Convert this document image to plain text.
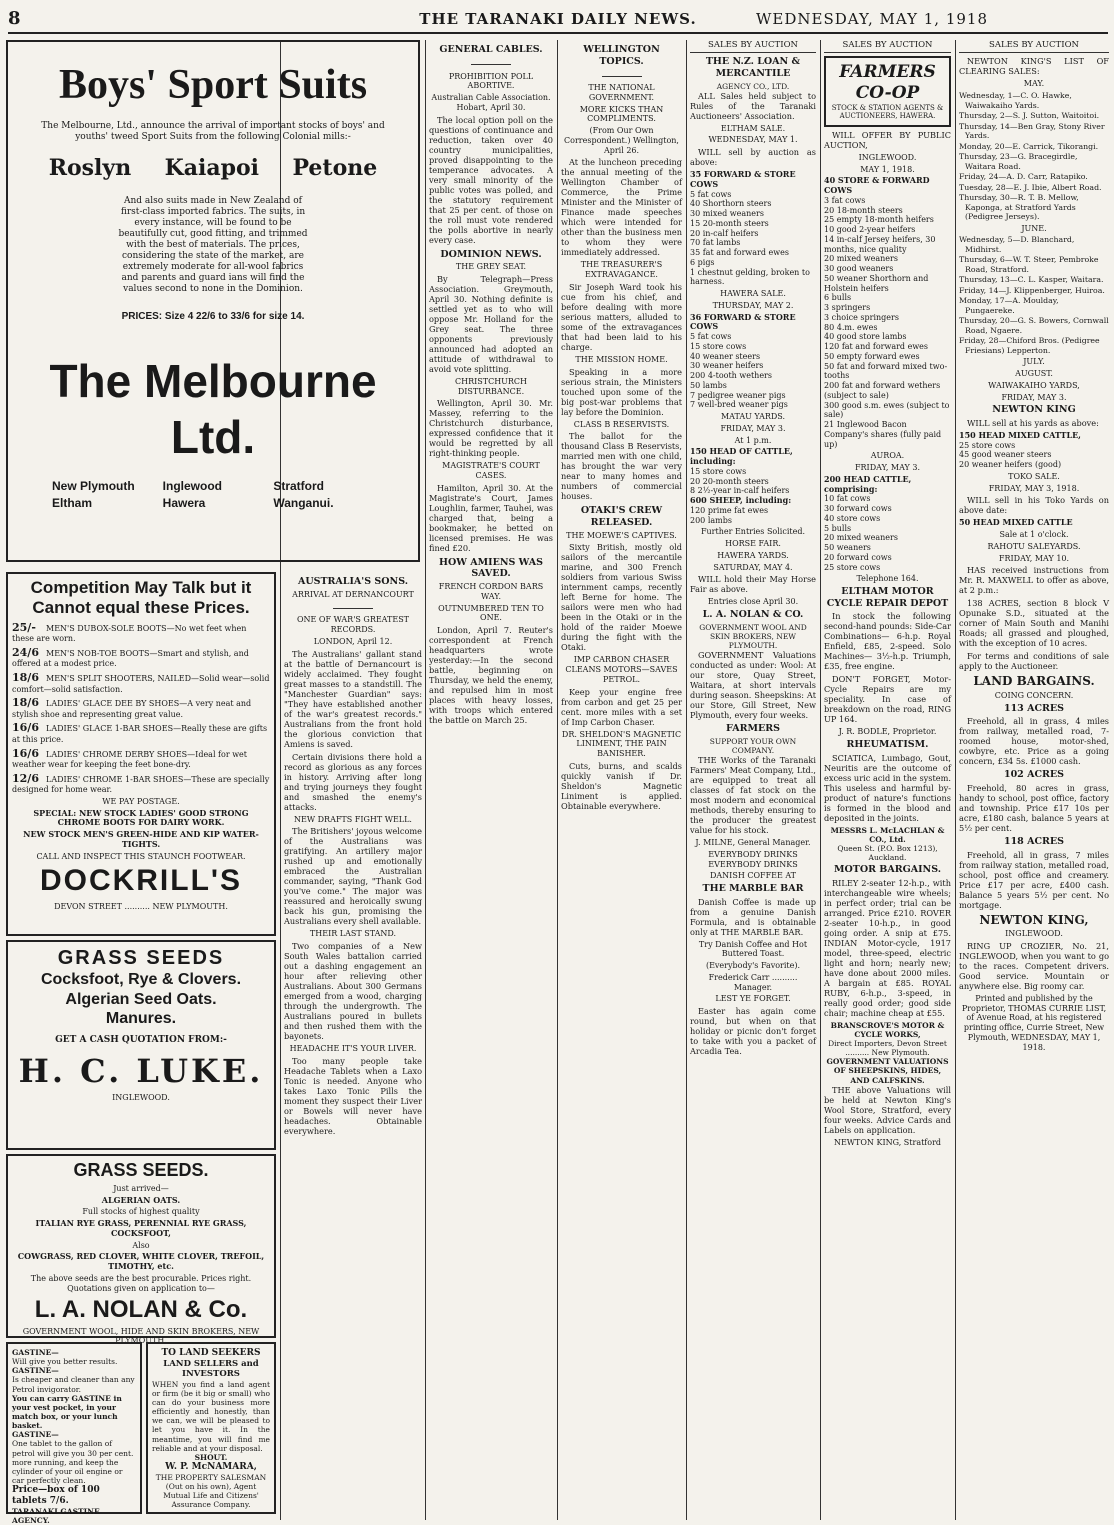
8	THE TARANAKI DAILY NEWS.	WEDNESDAY, MAY 1, 1918
Boys' Sport Suits
The Melbourne, Ltd., announce the arrival of important stocks of boys' and youths' tweed Sport Suits from the following Colonial mills:-
Roslyn Kaiapoi Petone
And also suits made in New Zealand of first-class imported fabrics. The suits, in every instance, will be found to be beautifully cut, good fitting, and trimmed with the best of materials. The prices, considering the state of the market, are extremely moderate for all-wool fabrics and parents and guard ians will find the values second to none in the Dominion.
PRICES: Size 4 22/6 to 33/6 for size 14.
The Melbourne Ltd.
New Plymouth	Inglewood	Stratford
Eltham	Hawera	Wanganui.
Competition May Talk but it Cannot equal these Prices.
25/- MEN'S DUBOX-SOLE BOOTS—No wet feet when these are worn.
24/6 MEN'S NOB-TOE BOOTS—Smart and stylish, and offered at a modest price.
18/6 MEN'S SPLIT SHOOTERS, NAILED—Solid wear—solid comfort—solid satisfaction.
18/6 LADIES' GLACE DEE BY SHOES—A very neat and stylish shoe and representing great value.
16/6 LADIES' GLACE 1-BAR SHOES—Really these are gifts at this price.
16/6 LADIES' CHROME DERBY SHOES—Ideal for wet weather wear for keeping the feet bone-dry.
12/6 LADIES' CHROME 1-BAR SHOES—These are specially designed for home wear.
WE PAY POSTAGE.
SPECIAL: NEW STOCK LADIES' GOOD STRONG CHROME BOOTS FOR DAIRY WORK.
NEW STOCK MEN'S GREEN-HIDE AND KIP WATER-TIGHTS.
CALL AND INSPECT THIS STAUNCH FOOTWEAR.
DOCKRILL'S
DEVON STREET .......... NEW PLYMOUTH.
GRASS SEEDS
Cocksfoot, Rye & Clovers.
Algerian Seed Oats.
Manures.
GET A CASH QUOTATION FROM:-
H. C. LUKE.
INGLEWOOD.
GRASS SEEDS.
Just arrived—
ALGERIAN OATS.
Full stocks of highest quality
ITALIAN RYE GRASS, PERENNIAL RYE GRASS, COCKSFOOT,
Also
COWGRASS, RED CLOVER, WHITE CLOVER, TREFOIL, TIMOTHY, etc.
The above seeds are the best procurable. Prices right. Quotations given on application to—
L. A. NOLAN & Co.
GOVERNMENT WOOL, HIDE AND SKIN BROKERS, NEW PLYMOUTH.
GASTINE—
Will give you better results.
GASTINE—
Is cheaper and cleaner than any Petrol invigorator.
You can carry GASTINE in your vest pocket, in your match box, or your lunch basket.
GASTINE—
One tablet to the gallon of petrol will give you 30 per cent. more running, and keep the cylinder of your oil engine or car perfectly clean.
Price—box of 100 tablets 7/6.
TARANAKI GASTINE AGENCY.
TO LAND SEEKERS
LAND SELLERS and INVESTORS
WHEN you find a land agent or firm (be it big or small) who can do your business more efficiently and honestly, than we can, we will be pleased to let you have it. In the meantime, you will find me reliable and at your disposal.
SHOUT.
W. P. McNAMARA,
THE PROPERTY SALESMAN
(Out on his own), Agent Mutual Life and Citizens' Assurance Company.
AUSTRALIA'S SONS.
ARRIVAL AT DERNANCOURT
ONE OF WAR'S GREATEST RECORDS.
LONDON, April 12.

The Australians' gallant stand at the battle of Dernancourt is widely acclaimed. They fought great masses to a standstill. The "Manchester Guardian" says: "They have established another of the war's greatest records." Australians from the front hold the glorious conviction that Amiens is saved.

Certain divisions there hold a record as glorious as any forces in history. Arriving after long and trying journeys they fought and smashed the enemy's attacks.

NEW DRAFTS FIGHT WELL.

The Britishers' joyous welcome of the Australians was gratifying. An artillery major rushed up and emotionally embraced the Australian commander, saying, "Thank God you've come." The major was reassured and heroically swung back his gun, promising the Australians every shell available.

THEIR LAST STAND.

Two companies of a New South Wales battalion carried out a dashing engagement an hour after relieving other Australians. About 300 Germans emerged from a wood, charging through the undergrowth. The Australians poured in bullets and then rushed them with the bayonets.

HEADACHE IT'S YOUR LIVER.

Too many people take Headache Tablets when a Laxo Tonic is needed. Anyone who takes Laxo Tonic Pills the moment they suspect their Liver or Bowels will never have headaches. Obtainable everywhere.

GENERAL CABLES.
PROHIBITION POLL ABORTIVE.
Australian Cable Association. Hobart, April 30.

The local option poll on the questions of continuance and reduction, taken over 40 country municipalities, proved disappointing to the temperance advocates. A very small minority of the public votes was polled, and the statutory requirement that 25 per cent. of those on the roll must vote rendered the polls abortive in nearly every case.

DOMINION NEWS.
THE GREY SEAT.

By Telegraph—Press Association. Greymouth, April 30. Nothing definite is settled yet as to who will oppose Mr. Holland for the Grey seat. The three opponents previously announced had adopted an attitude of withdrawal to avoid vote splitting.

CHRISTCHURCH DISTURBANCE.

Wellington, April 30. Mr. Massey, referring to the Christchurch disturbance, expressed confidence that it would be regretted by all right-thinking people.

MAGISTRATE'S COURT CASES.

Hamilton, April 30. At the Magistrate's Court, James Loughlin, farmer, Tauhei, was charged that, being a bookmaker, he betted on licensed premises. He was fined £20.

HOW AMIENS WAS SAVED.
FRENCH CORDON BARS WAY.
OUTNUMBERED TEN TO ONE.

London, April 7. Reuter's correspondent at French headquarters wrote yesterday:—In the second battle, beginning on Thursday, we held the enemy, and repulsed him in most places with heavy losses, with troops which entered the battle on March 25.

WELLINGTON TOPICS.
THE NATIONAL GOVERNMENT.
MORE KICKS THAN COMPLIMENTS.
(From Our Own Correspondent.) Wellington, April 26.

At the luncheon preceding the annual meeting of the Wellington Chamber of Commerce, the Prime Minister and the Minister of Finance made speeches which were intended for other than the business men to whom they were immediately addressed.

THE TREASURER'S EXTRAVAGANCE.

Sir Joseph Ward took his cue from his chief, and before dealing with more serious matters, alluded to some of the extravagances that had been laid to his charge.

THE MISSION HOME.

Speaking in a more serious strain, the Ministers touched upon some of the big post-war problems that lay before the Dominion.

CLASS B RESERVISTS.

The ballot for the thousand Class B Reservists, married men with one child, has brought the war very near to many homes and numbers of commercial houses.

OTAKI'S CREW RELEASED.
THE MOEWE'S CAPTIVES.

Sixty British, mostly old sailors of the mercantile marine, and 300 French soldiers from various Swiss internment camps, recently left Berne for home. The sailors were men who had been in the Otaki or in the hold of the raider Moewe during the fight with the Otaki.

IMP CARBON CHASER CLEANS MOTORS—SAVES PETROL.

Keep your engine free from carbon and get 25 per cent. more miles with a set of Imp Carbon Chaser.

DR. SHELDON'S MAGNETIC LINIMENT, THE PAIN BANISHER.

Cuts, burns, and scalds quickly vanish if Dr. Sheldon's Magnetic Liniment is applied. Obtainable everywhere.

SALES BY AUCTION
THE N.Z. LOAN & MERCANTILE
AGENCY CO., LTD.

ALL Sales held subject to Rules of the Taranaki Auctioneers' Association.

ELTHAM SALE.
WEDNESDAY, MAY 1.

WILL sell by auction as above:

35 FORWARD & STORE COWS
5 fat cows
40 Shorthorn steers
30 mixed weaners
15 20-month steers
20 in-calf heifers
70 fat lambs
35 fat and forward ewes
6 pigs
1 chestnut gelding, broken to harness.
HAWERA SALE.
THURSDAY, MAY 2.
36 FORWARD & STORE COWS
5 fat cows
15 store cows
40 weaner steers
30 weaner heifers
200 4-tooth wethers
50 lambs
7 pedigree weaner pigs
7 well-bred weaner pigs
MATAU YARDS.
FRIDAY, MAY 3.
At 1 p.m.
150 HEAD OF CATTLE, including:
15 store cows
20 20-month steers
8 2½-year in-calf heifers
600 SHEEP, including:
120 prime fat ewes
200 lambs
Further Entries Solicited.
HORSE FAIR.
HAWERA YARDS.
SATURDAY, MAY 4.

WILL hold their May Horse Fair as above.

Entries close April 30.
L. A. NOLAN & CO.
GOVERNMENT WOOL AND SKIN BROKERS, NEW PLYMOUTH.

GOVERNMENT Valuations conducted as under: Wool: At our store, Quay Street, Waitara, at short intervals during season. Sheepskins: At our Store, Gill Street, New Plymouth, every four weeks.

FARMERS
SUPPORT YOUR OWN COMPANY.

THE Works of the Taranaki Farmers' Meat Company, Ltd., are equipped to treat all classes of fat stock on the most modern and economical methods, thereby ensuring to the producer the greatest value for his stock.

J. MILNE, General Manager.
EVERYBODY DRINKS EVERYBODY DRINKS
DANISH COFFEE AT
THE MARBLE BAR

Danish Coffee is made up from a genuine Danish Formula, and is obtainable only at THE MARBLE BAR.

Try Danish Coffee and Hot Buttered Toast.
(Everybody's Favorite).
Frederick Carr .......... Manager.
LEST YE FORGET.

Easter has again come round, but when on that holiday or picnic don't forget to take with you a packet of Arcadia Tea.

SALES BY AUCTION
FARMERS CO-OP
STOCK & STATION AGENTS & AUCTIONEERS, HAWERA.

WILL OFFER BY PUBLIC AUCTION,

INGLEWOOD.
MAY 1, 1918.
40 STORE & FORWARD COWS
3 fat cows
20 18-month steers
25 empty 18-month heifers
10 good 2-year heifers
14 in-calf Jersey heifers, 30 months, nice quality
20 mixed weaners
30 good weaners
50 weaner Shorthorn and Holstein heifers
6 bulls
3 springers
3 choice springers
80 4.m. ewes
40 good store lambs
120 fat and forward ewes
50 empty forward ewes
50 fat and forward mixed two-tooths
200 fat and forward wethers (subject to sale)
300 good s.m. ewes (subject to sale)
21 Inglewood Bacon Company's shares (fully paid up)
AUROA.
FRIDAY, MAY 3.
200 HEAD CATTLE, comprising:
10 fat cows
30 forward cows
40 store cows
5 bulls
20 mixed weaners
50 weaners
20 forward cows
25 store cows
Telephone 164.
ELTHAM MOTOR CYCLE REPAIR DEPOT

In stock the following second-hand pounds: Side-Car Combinations— 6-h.p. Royal Enfield, £85, 2-speed. Solo Machines— 3½-h.p. Triumph, £35, free engine.

DON'T FORGET, Motor-Cycle Repairs are my speciality. In case of breakdown on the road, RING UP 164.

J. R. BODLE, Proprietor.
RHEUMATISM.

SCIATICA, Lumbago, Gout, Neuritis are the outcome of excess uric acid in the system. This useless and harmful by-product of nature's functions is formed in the blood and deposited in the joints.

MESSRS L. McLACHLAN & CO., Ltd.
Queen St. (P.O. Box 1213), Auckland.
MOTOR BARGAINS.

RILEY 2-seater 12-h.p., with interchangeable wire wheels; in perfect order; trial can be arranged. Price £210. ROVER 2-seater 10-h.p., in good going order. A snip at £75. INDIAN Motor-cycle, 1917 model, three-speed, electric light and horn; nearly new; have done about 2000 miles. A bargain at £85. ROYAL RUBY, 6-h.p., 3-speed, in really good order; good side chair; machine cheap at £55.

BRANSCROVE'S MOTOR & CYCLE WORKS,
Direct Importers, Devon Street .......... New Plymouth.
GOVERNMENT VALUATIONS OF SHEEPSKINS, HIDES, AND CALFSKINS.

THE above Valuations will be held at Newton King's Wool Store, Stratford, every four weeks. Advice Cards and Labels on application.

NEWTON KING, Stratford
SALES BY AUCTION

NEWTON KING'S LIST OF CLEARING SALES:

MAY.
Wednesday, 1—C. O. Hawke, Waiwakaiho Yards.
Thursday, 2—S. J. Sutton, Waitoitoi.
Thursday, 14—Ben Gray, Stony River Yards.
Monday, 20—E. Carrick, Tikorangi.
Thursday, 23—G. Bracegirdle, Waitara Road.
Friday, 24—A. D. Carr, Ratapiko.
Tuesday, 28—E. J. Ibie, Albert Road.
Thursday, 30—R. T. B. Mellow, Kaponga, at Stratford Yards (Pedigree Jerseys).
JUNE.
Wednesday, 5—D. Blanchard, Midhirst.
Thursday, 6—W. T. Steer, Pembroke Road, Stratford.
Thursday, 13—C. L. Kasper, Waitara.
Friday, 14—J. Klippenberger, Huiroa.
Monday, 17—A. Moulday, Pungaereke.
Thursday, 20—G. S. Bowers, Cornwall Road, Ngaere.
Friday, 28—Chiford Bros. (Pedigree Friesians) Lepperton.
JULY.
AUGUST.
WAIWAKAIHO YARDS,
FRIDAY, MAY 3.
NEWTON KING

WILL sell at his yards as above:

150 HEAD MIXED CATTLE,
25 store cows
45 good weaner steers
20 weaner heifers (good)
TOKO SALE.
FRIDAY, MAY 3, 1918.

WILL sell in his Toko Yards on above date:

50 HEAD MIXED CATTLE
Sale at 1 o'clock.
RAHOTU SALEYARDS.
FRIDAY, MAY 10.

HAS received instructions from Mr. R. MAXWELL to offer as above, at 2 p.m.:

138 ACRES, section 8 block V Opunake S.D., situated at the corner of Main South and Manihi Roads; all grassed and ploughed, with the exception of 10 acres.

For terms and conditions of sale apply to the Auctioneer.

LAND BARGAINS.
COING CONCERN.
113 ACRES

Freehold, all in grass, 4 miles from railway, metalled road, 7-roomed house, motor-shed, cowbyre, etc. Price as a going concern, £34 5s. £1000 cash.

102 ACRES

Freehold, 80 acres in grass, handy to school, post office, factory and township. Price £17 10s per acre, £180 cash, balance 5 years at 5½ per cent.

118 ACRES

Freehold, all in grass, 7 miles from railway station, metalled road, school, post office and creamery. Price £17 per acre, £400 cash. Balance 5 years 5½ per cent. No mortgage.

NEWTON KING,
INGLEWOOD.

RING UP CROZIER, No. 21, INGLEWOOD, when you want to go to the races. Competent drivers. Good service. Mountain or anywhere else. Big roomy car.

Printed and published by the Proprietor, THOMAS CURRIE LIST, of Avenue Road, at his registered printing office, Currie Street, New Plymouth, WEDNESDAY, MAY 1, 1918.
